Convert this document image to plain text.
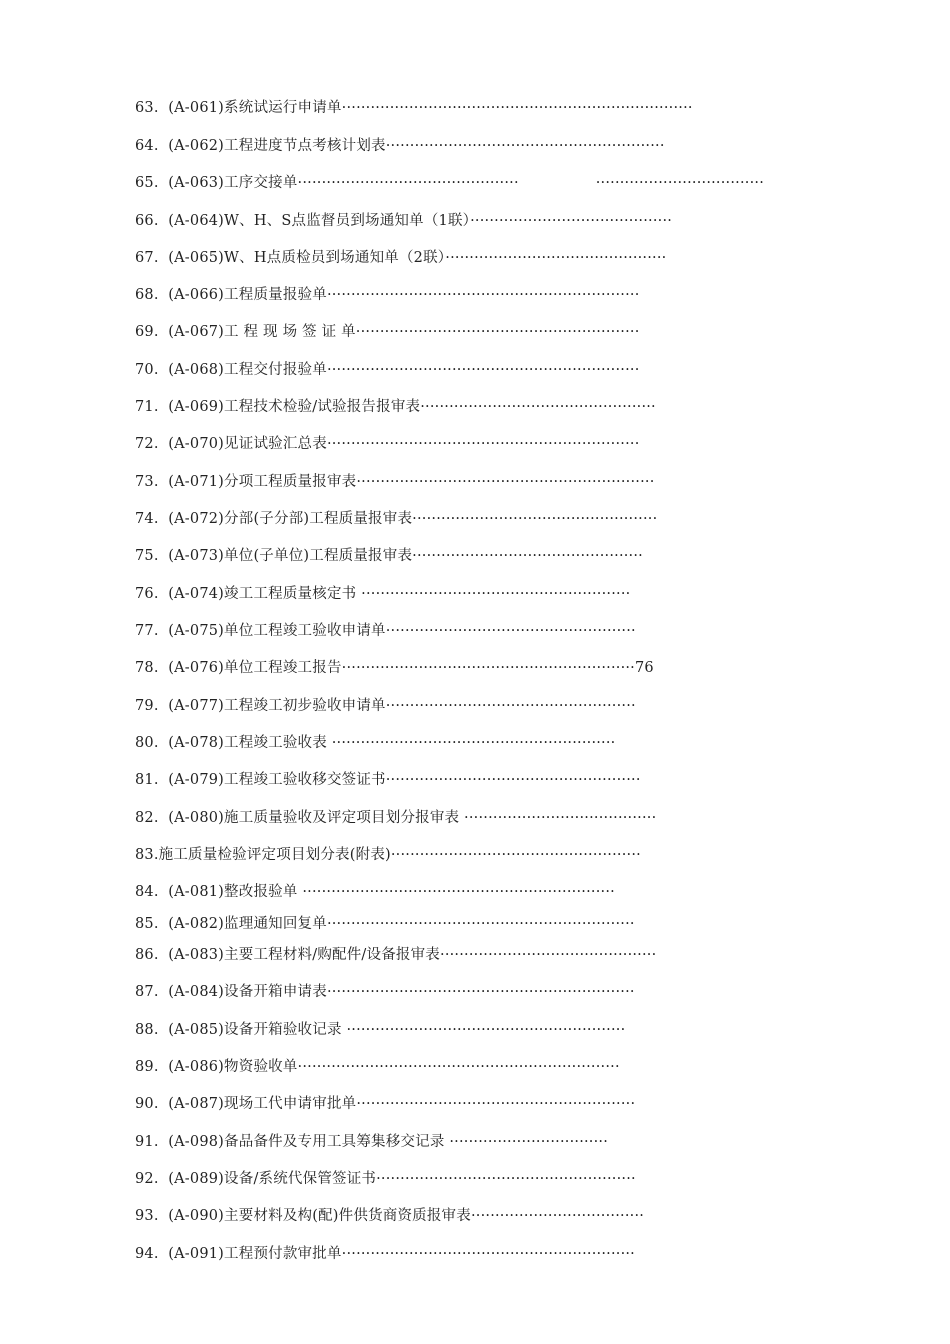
63.  (A-061)系统试运行申请单·········································································
64.  (A-062)工程进度节点考核计划表··························································
65.  (A-063)工序交接单··············································                ···································
66.  (A-064)W、H、S点监督员到场通知单（1联）··········································
67.  (A-065)W、H点质检员到场通知单（2联）··············································
68.  (A-066)工程质量报验单·································································
69.  (A-067)工 程 现 场 签 证 单···························································
70.  (A-068)工程交付报验单·································································
71.  (A-069)工程技术检验/试验报告报审表·················································
72.  (A-070)见证试验汇总表·································································
73.  (A-071)分项工程质量报审表······························································
74.  (A-072)分部(子分部)工程质量报审表···················································
75.  (A-073)单位(子单位)工程质量报审表················································
76.  (A-074)竣工工程质量核定书 ························································
77.  (A-075)单位工程竣工验收申请单····················································
78.  (A-076)单位工程竣工报告·····························································76
79.  (A-077)工程竣工初步验收申请单····················································
80.  (A-078)工程竣工验收表 ···························································
81.  (A-079)工程竣工验收移交签证书·····················································
82.  (A-080)施工质量验收及评定项目划分报审表 ········································
83.施工质量检验评定项目划分表(附表)····················································
84.  (A-081)整改报验单 ·································································
85.  (A-082)监理通知回复单································································
86.  (A-083)主要工程材料/购配件/设备报审表·············································
87.  (A-084)设备开箱申请表································································
88.  (A-085)设备开箱验收记录 ··························································
89.  (A-086)物资验收单···································································
90.  (A-087)现场工代申请审批单··························································
91.  (A-098)备品备件及专用工具筹集移交记录 ·································
92.  (A-089)设备/系统代保管签证书······················································
93.  (A-090)主要材料及构(配)件供货商资质报审表····································
94.  (A-091)工程预付款审批单·····························································
